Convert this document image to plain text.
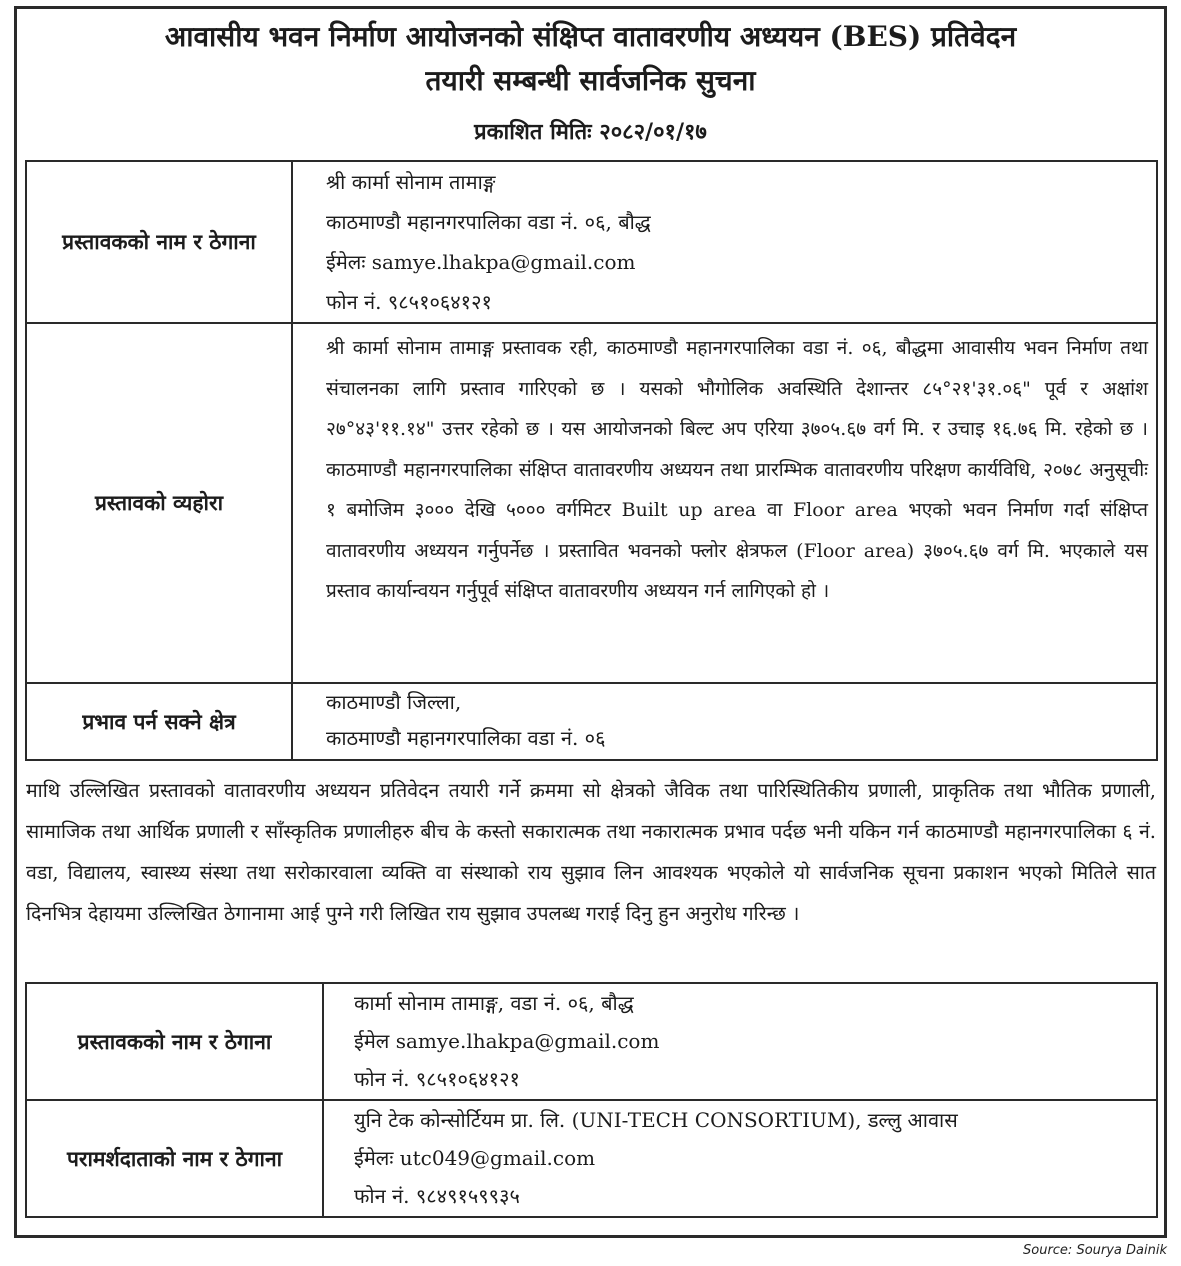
आवासीय भवन निर्माण आयोजनको संक्षिप्त वातावरणीय अध्ययन (BES) प्रतिवेदन
तयारी सम्बन्धी सार्वजनिक सुचना
प्रकाशित मितिः २०८२/०१/१७
प्रस्तावकको नाम र ठेगाना	श्री कार्मा सोनाम तामाङ्ग
काठमाण्डौ महानगरपालिका वडा नं. ०६, बौद्ध
ईमेलः samye.lhakpa@gmail.com
फोन नं. ९८५१०६४१२१

प्रस्तावको व्यहोरा	श्री कार्मा सोनाम तामाङ्ग प्रस्तावक रही, काठमाण्डौ महानगरपालिका वडा नं. ०६, बौद्धमा आवासीय भवन निर्माण तथा संचालनका लागि प्रस्ताव गारिएको छ । यसको भौगोलिक अवस्थिति देशान्तर ८५°२१'३१.०६" पूर्व र अक्षांश २७°४३'११.१४" उत्तर रहेको छ । यस आयोजनको बिल्ट अप एरिया ३७०५.६७ वर्ग मि. र उचाइ १६.७६ मि. रहेको छ । काठमाण्डौ महानगरपालिका संक्षिप्त वातावरणीय अध्ययन तथा प्रारम्भिक वातावरणीय परिक्षण कार्यविधि, २०७८ अनुसूचीः १ बमोजिम ३००० देखि ५००० वर्गमिटर Built up area वा Floor area भएको भवन निर्माण गर्दा संक्षिप्त वातावरणीय अध्ययन गर्नुपर्नेछ । प्रस्तावित भवनको फ्लोर क्षेत्रफल (Floor area) ३७०५.६७ वर्ग मि. भएकाले यस प्रस्ताव कार्यान्वयन गर्नुपूर्व संक्षिप्त वातावरणीय अध्ययन गर्न लागिएको हो ।

प्रभाव पर्न सक्ने क्षेत्र	काठमाण्डौ जिल्ला,
काठमाण्डौ महानगरपालिका वडा नं. ०६
माथि उल्लिखित प्रस्तावको वातावरणीय अध्ययन प्रतिवेदन तयारी गर्ने क्रममा सो क्षेत्रको जैविक तथा पारिस्थितिकीय प्रणाली, प्राकृतिक तथा भौतिक प्रणाली, सामाजिक तथा आर्थिक प्रणाली र साँस्कृतिक प्रणालीहरु बीच के कस्तो सकारात्मक तथा नकारात्मक प्रभाव पर्दछ भनी यकिन गर्न काठमाण्डौ महानगरपालिका ६ नं. वडा, विद्यालय, स्वास्थ्य संस्था तथा सरोकारवाला व्यक्ति वा संस्थाको राय सुझाव लिन आवश्यक भएकोले यो सार्वजनिक सूचना प्रकाशन भएको मितिले सात दिनभित्र देहायमा उल्लिखित ठेगानामा आई पुग्ने गरी लिखित राय सुझाव उपलब्ध गराई दिनु हुन अनुरोध गरिन्छ ।
प्रस्तावकको नाम र ठेगाना	कार्मा सोनाम तामाङ्ग, वडा नं. ०६, बौद्ध
ईमेल samye.lhakpa@gmail.com
फोन नं. ९८५१०६४१२१

परामर्शदाताको नाम र ठेगाना	युनि टेक कोन्सोर्टियम प्रा. लि. (UNI-TECH CONSORTIUM), डल्लु आवास
ईमेलः utc049@gmail.com
फोन नं. ९८४९१५९९३५
Source: Sourya Dainik
